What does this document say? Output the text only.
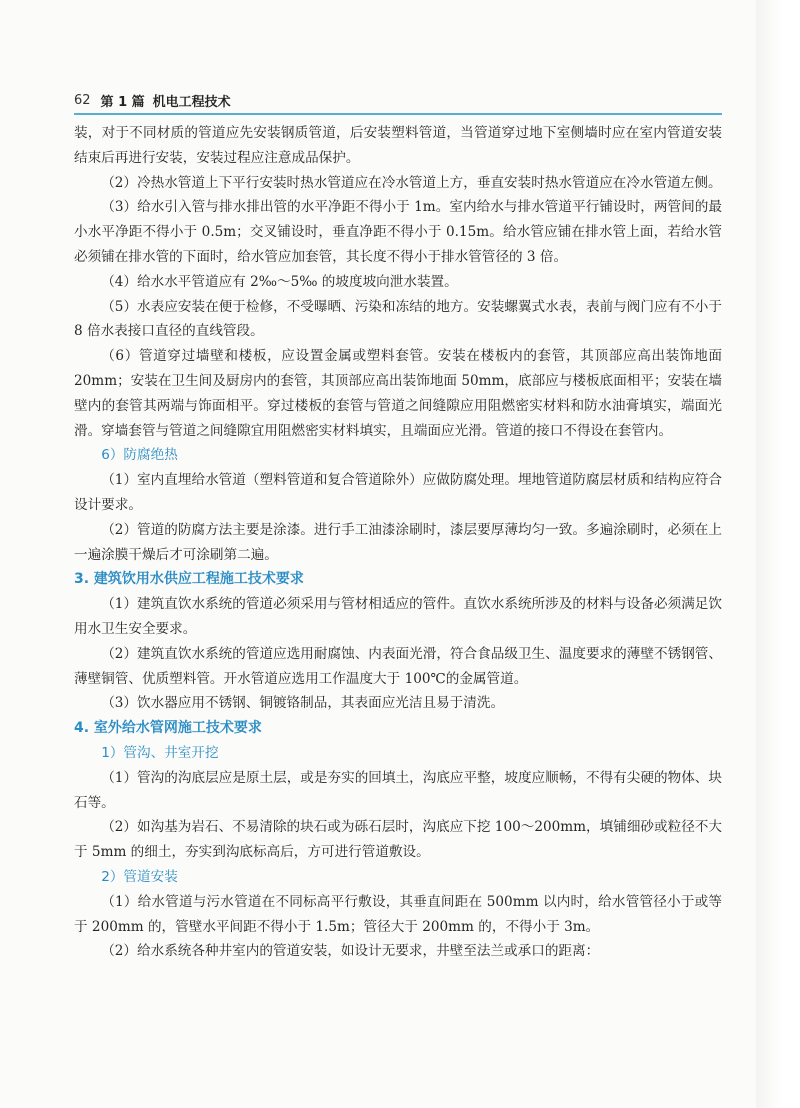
62 第 1 篇 机电工程技术

装，对于不同材质的管道应先安装钢质管道，后安装塑料管道，当管道穿过地下室侧墙时应在室内管道安装结束后再进行安装，安装过程应注意成品保护。

（2）冷热水管道上下平行安装时热水管道应在冷水管道上方，垂直安装时热水管道应在冷水管道左侧。

（3）给水引入管与排水排出管的水平净距不得小于 1m。室内给水与排水管道平行铺设时，两管间的最小水平净距不得小于 0.5m；交叉铺设时，垂直净距不得小于 0.15m。给水管应铺在排水管上面，若给水管必须铺在排水管的下面时，给水管应加套管，其长度不得小于排水管管径的 3 倍。

（4）给水水平管道应有 2‰～5‰ 的坡度坡向泄水装置。

（5）水表应安装在便于检修，不受曝晒、污染和冻结的地方。安装螺翼式水表，表前与阀门应有不小于 8 倍水表接口直径的直线管段。

（6）管道穿过墙壁和楼板，应设置金属或塑料套管。安装在楼板内的套管，其顶部应高出装饰地面 20mm；安装在卫生间及厨房内的套管，其顶部应高出装饰地面 50mm，底部应与楼板底面相平；安装在墙壁内的套管其两端与饰面相平。穿过楼板的套管与管道之间缝隙应用阻燃密实材料和防水油膏填实，端面光滑。穿墙套管与管道之间缝隙宜用阻燃密实材料填实，且端面应光滑。管道的接口不得设在套管内。

6）防腐绝热

（1）室内直埋给水管道（塑料管道和复合管道除外）应做防腐处理。埋地管道防腐层材质和结构应符合设计要求。

（2）管道的防腐方法主要是涂漆。进行手工油漆涂刷时，漆层要厚薄均匀一致。多遍涂刷时，必须在上一遍涂膜干燥后才可涂刷第二遍。

3. 建筑饮用水供应工程施工技术要求

（1）建筑直饮水系统的管道必须采用与管材相适应的管件。直饮水系统所涉及的材料与设备必须满足饮用水卫生安全要求。

（2）建筑直饮水系统的管道应选用耐腐蚀、内表面光滑，符合食品级卫生、温度要求的薄壁不锈钢管、薄壁铜管、优质塑料管。开水管道应选用工作温度大于 100℃的金属管道。

（3）饮水器应用不锈钢、铜镀铬制品，其表面应光洁且易于清洗。

4. 室外给水管网施工技术要求
1）管沟、井室开挖

（1）管沟的沟底层应是原土层，或是夯实的回填土，沟底应平整，坡度应顺畅，不得有尖硬的物体、块石等。

（2）如沟基为岩石、不易清除的块石或为砾石层时，沟底应下挖 100～200mm，填铺细砂或粒径不大于 5mm 的细土，夯实到沟底标高后，方可进行管道敷设。

2）管道安装

（1）给水管道与污水管道在不同标高平行敷设，其垂直间距在 500mm 以内时，给水管管径小于或等于 200mm 的，管壁水平间距不得小于 1.5m；管径大于 200mm 的，不得小于 3m。

（2）给水系统各种井室内的管道安装，如设计无要求，井壁至法兰或承口的距离：
